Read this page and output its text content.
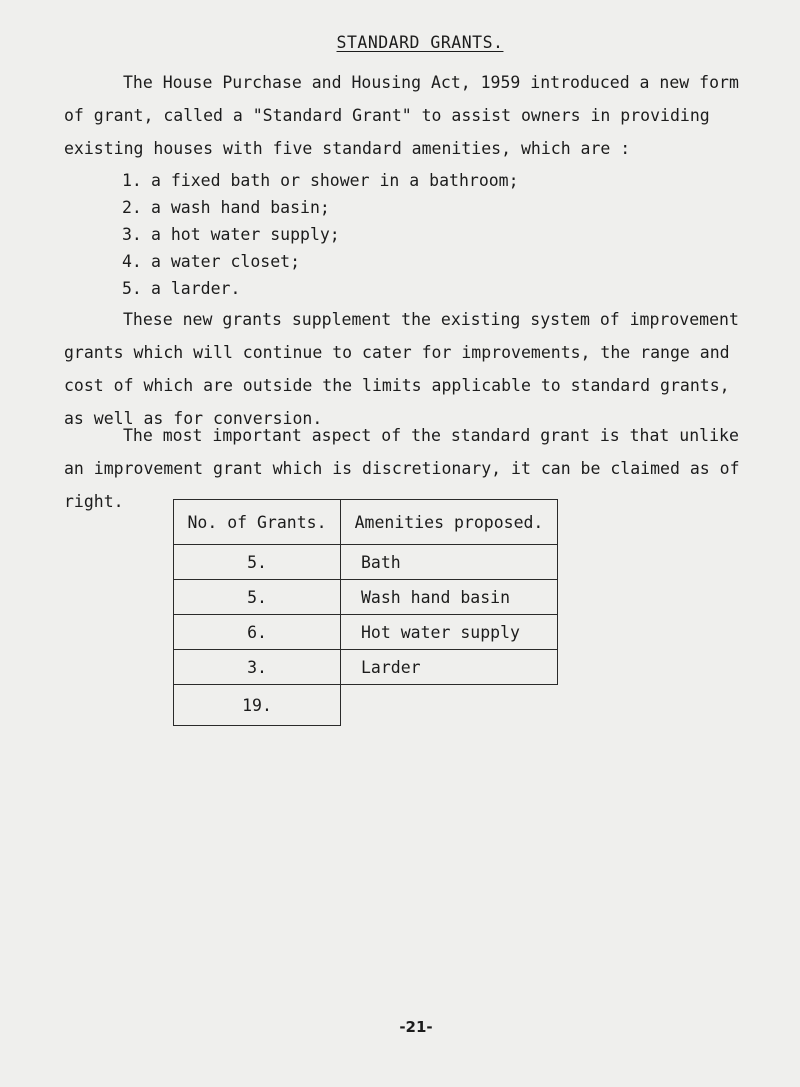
STANDARD GRANTS.

The House Purchase and Housing Act, 1959 introduced a new form of grant, called a "Standard Grant" to assist owners in providing existing houses with five standard amenities, which are :

1. a fixed bath or shower in a bathroom;
2. a wash hand basin;
3. a hot water supply;
4. a water closet;
5. a larder.

These new grants supplement the existing system of improvement grants which will continue to cater for improvements, the range and cost of which are outside the limits applicable to standard grants, as well as for conversion.

The most important aspect of the standard grant is that unlike an improvement grant which is discretionary, it can be claimed as of right.

No. of Grants.	Amenities proposed.
5.	Bath
5.	Wash hand basin
6.	Hot water supply
3.	Larder
19.	
-21-
